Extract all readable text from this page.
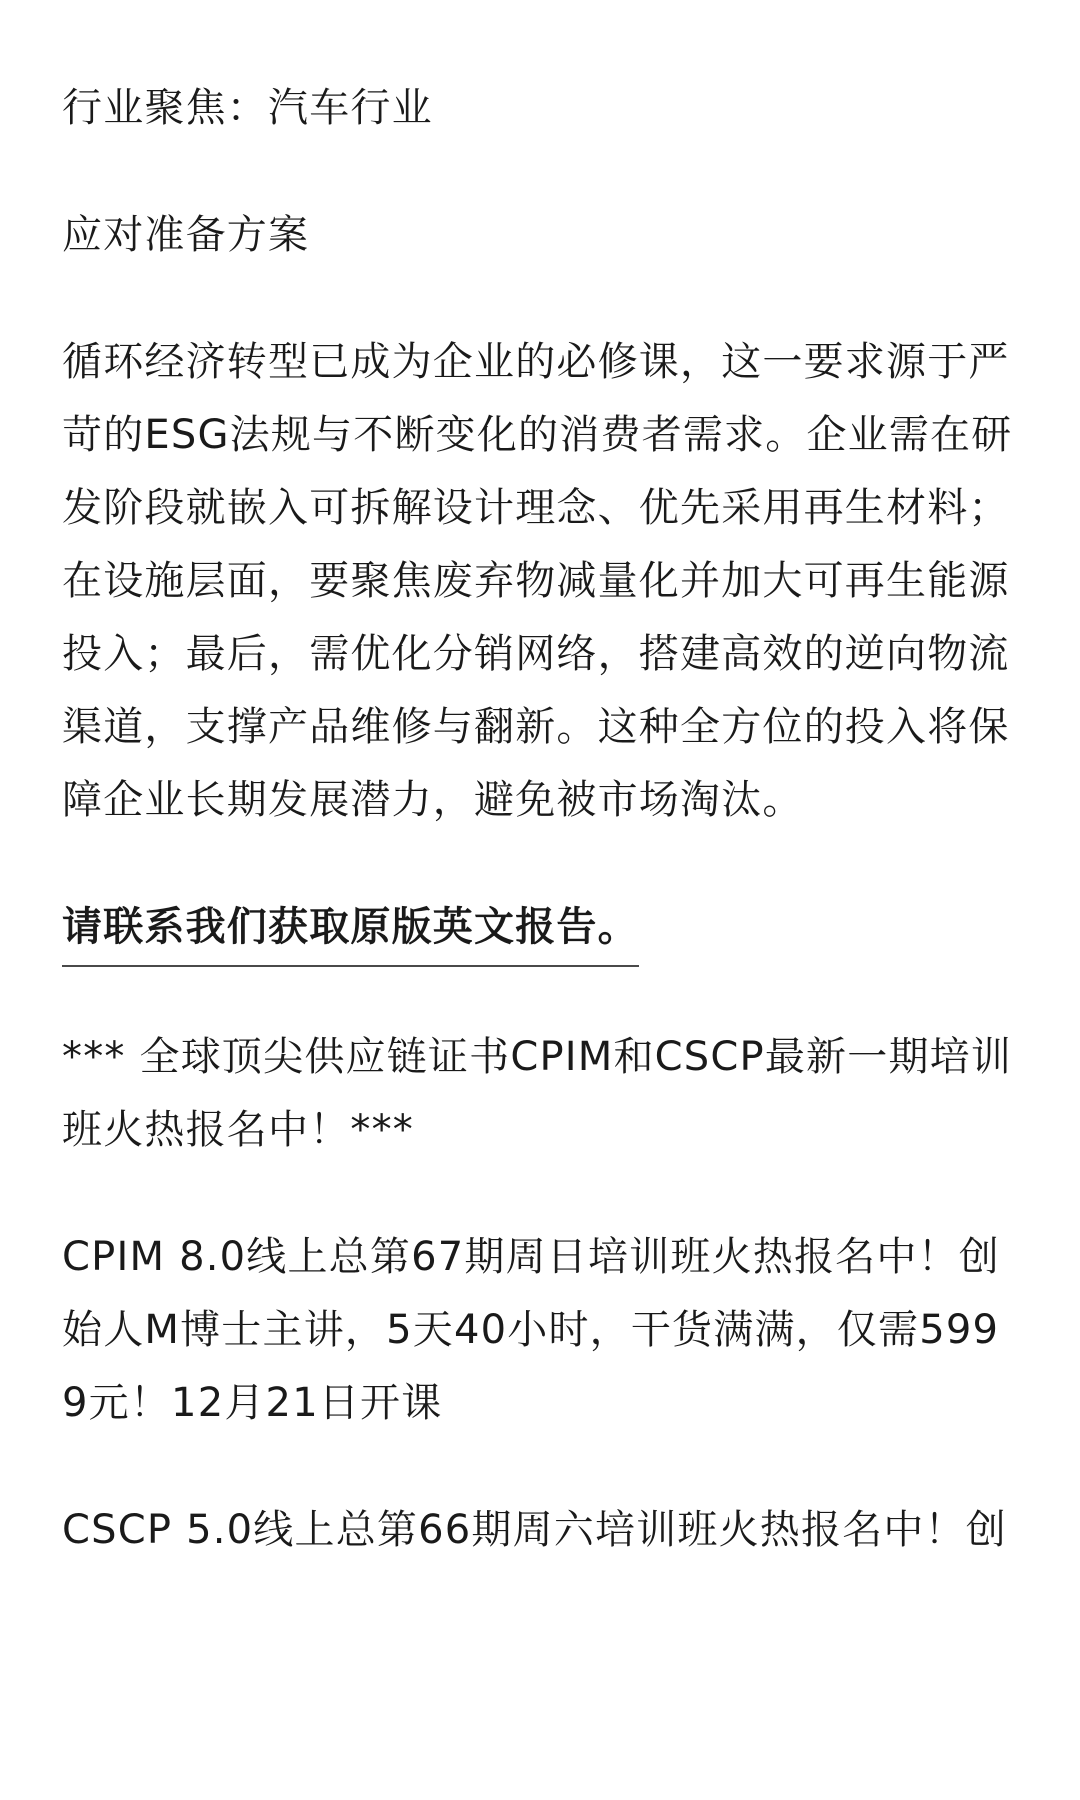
行业聚焦：汽车行业

应对准备方案

循环经济转型已成为企业的必修课，这一要求源于严苛的ESG法规与不断变化的消费者需求。企业需在研发阶段就嵌入可拆解设计理念、优先采用再生材料；在设施层面，要聚焦废弃物减量化并加大可再生能源投入；最后，需优化分销网络，搭建高效的逆向物流渠道，支撑产品维修与翻新。这种全方位的投入将保障企业长期发展潜力，避免被市场淘汰。

请联系我们获取原版英文报告。

*** 全球顶尖供应链证书CPIM和CSCP最新一期培训班火热报名中！***

CPIM 8.0线上总第67期周日培训班火热报名中！创始人M博士主讲，5天40小时，干货满满，仅需5999元！12月21日开课

CSCP 5.0线上总第66期周六培训班火热报名中！创
